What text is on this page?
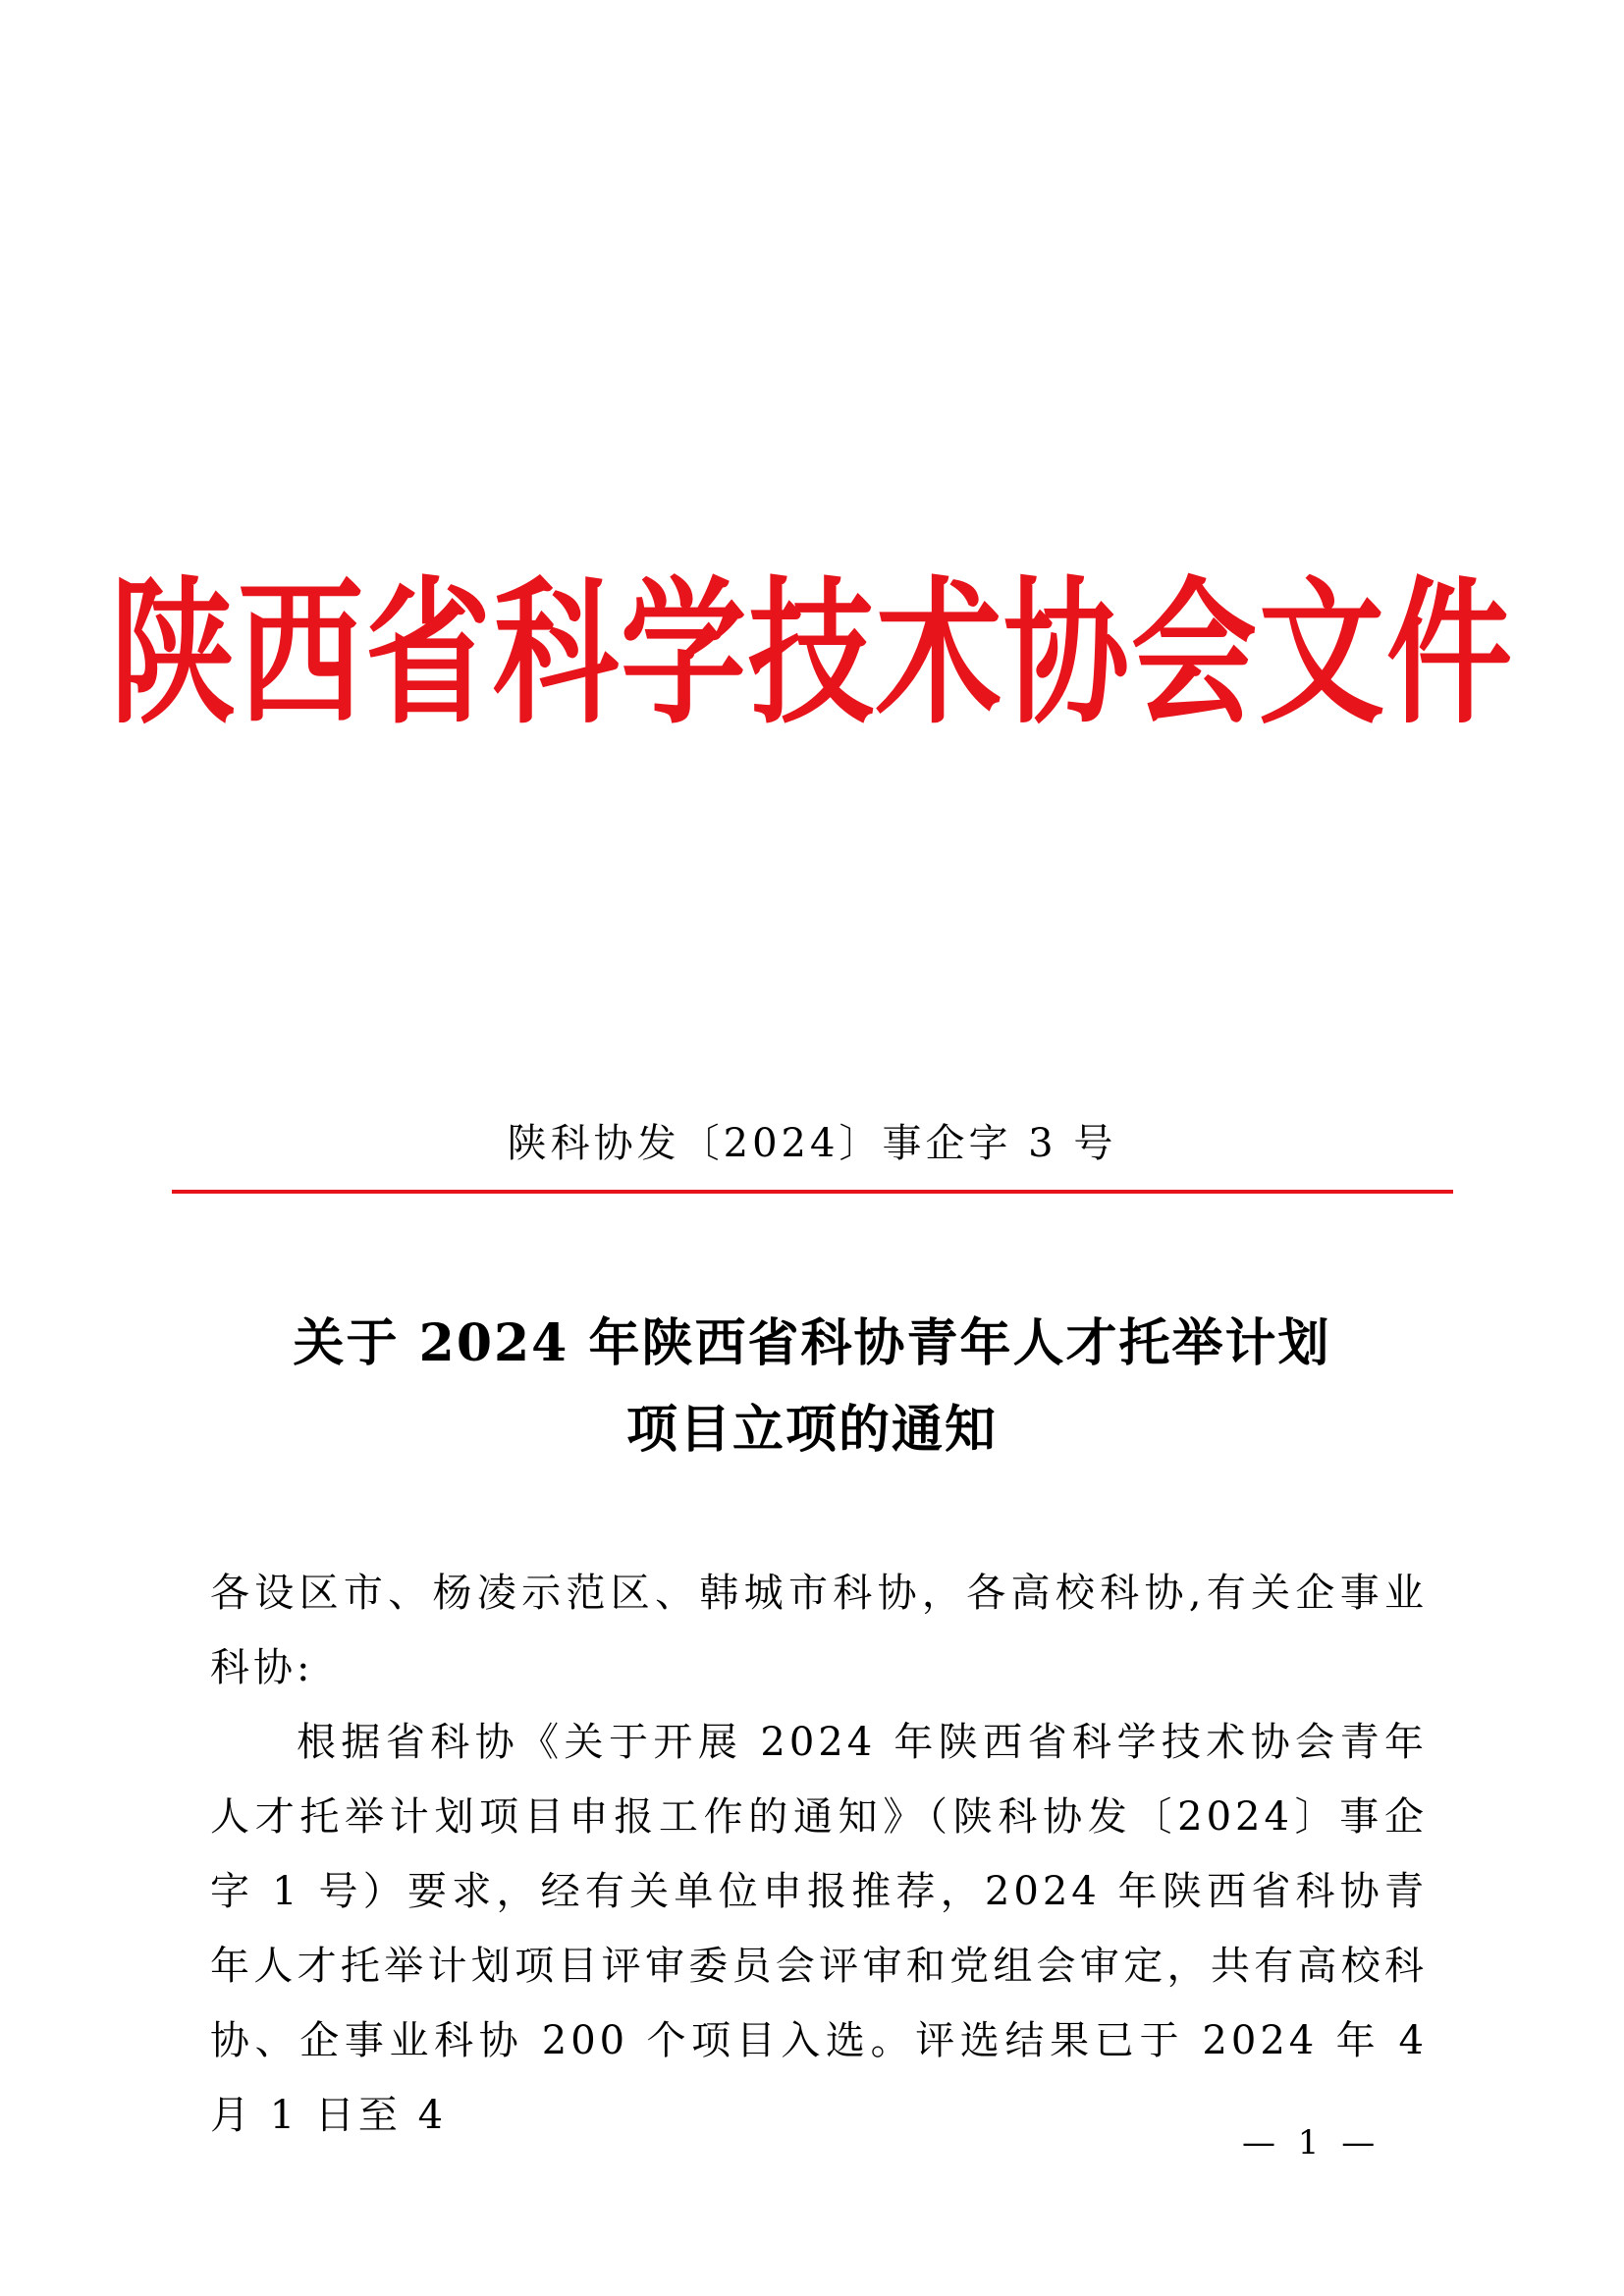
陕西省科学技术协会文件
陕科协发〔2024〕事企字 3 号
关于 2024 年陕西省科协青年人才托举计划
项目立项的通知

各设区市、杨凌示范区、韩城市科协，各高校科协,有关企事业科协:

根据省科协《关于开展 2024 年陕西省科学技术协会青年人才托举计划项目申报工作的通知》（陕科协发〔2024〕事企字 1 号）要求，经有关单位申报推荐，2024 年陕西省科协青年人才托举计划项目评审委员会评审和党组会审定，共有高校科协、企事业科协 200 个项目入选。评选结果已于 2024 年 4 月 1 日至 4

— 1 —
